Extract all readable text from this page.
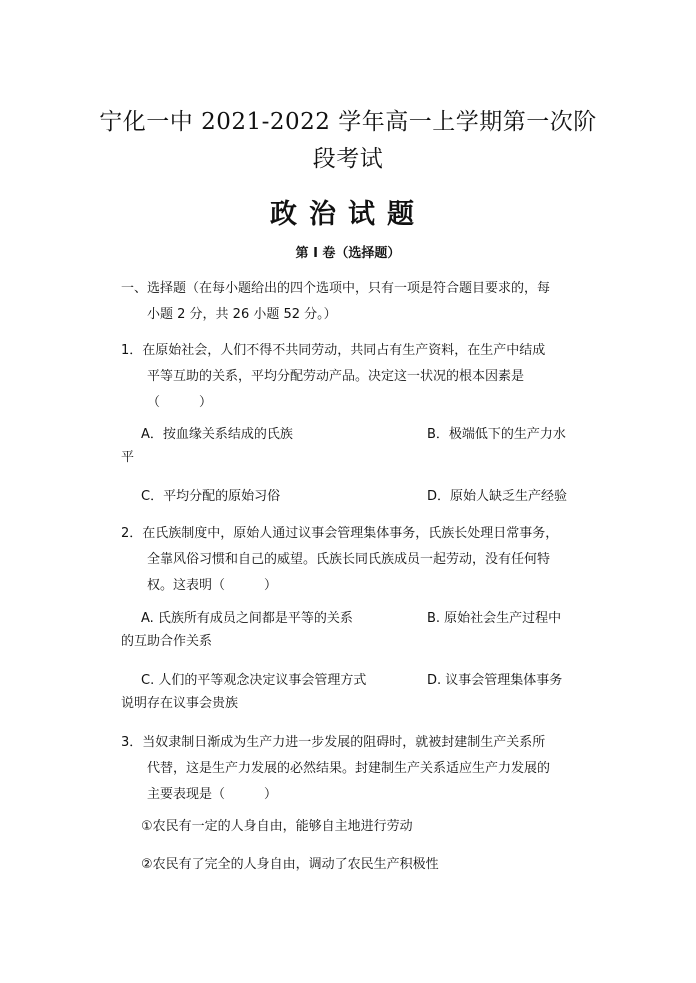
宁化一中 2021-2022 学年高一上学期第一次阶
段考试
政治试题
第 I 卷（选择题）
一、选择题（在每小题给出的四个选项中，只有一项是符合题目要求的，每
小题 2 分，共 26 小题 52 分。）
1．在原始社会，人们不得不共同劳动，共同占有生产资料，在生产中结成
平等互助的关系，平均分配劳动产品。决定这一状况的根本因素是
（　　　）
A．按血缘关系结成的氏族	B．极端低下的生产力水
平
C．平均分配的原始习俗	D．原始人缺乏生产经验
2．在氏族制度中，原始人通过议事会管理集体事务，氏族长处理日常事务，
全靠风俗习惯和自己的威望。氏族长同氏族成员一起劳动，没有任何特
权。这表明（　　　）
A. 氏族所有成员之间都是平等的关系	B. 原始社会生产过程中
的互助合作关系
C. 人们的平等观念决定议事会管理方式	D. 议事会管理集体事务
说明存在议事会贵族
3．当奴隶制日渐成为生产力进一步发展的阻碍时，就被封建制生产关系所
代替，这是生产力发展的必然结果。封建制生产关系适应生产力发展的
主要表现是（　　　）
①农民有一定的人身自由，能够自主地进行劳动
②农民有了完全的人身自由，调动了农民生产积极性
